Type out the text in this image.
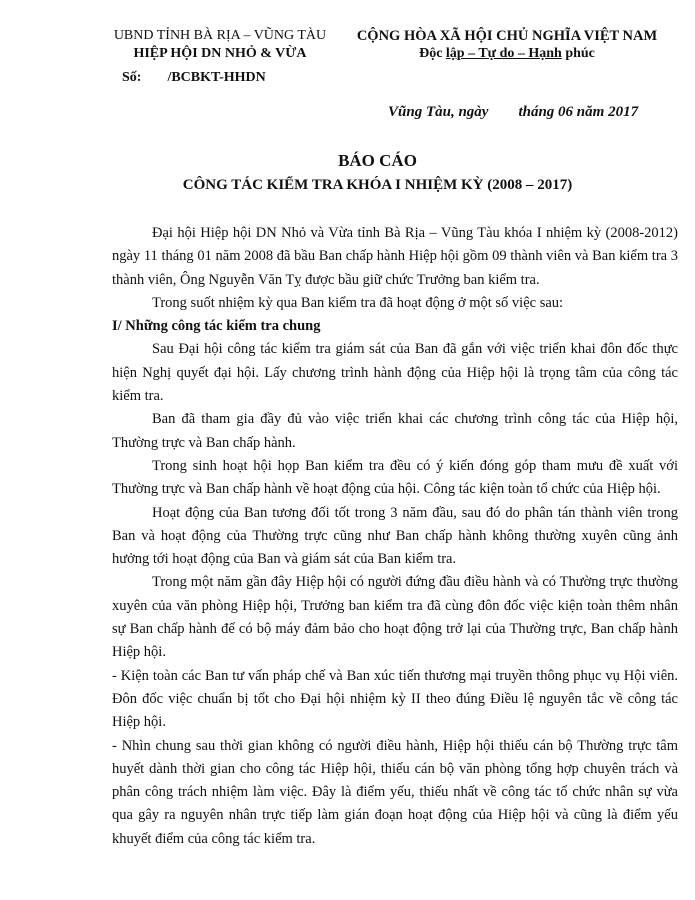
UBND TỈNH BÀ RỊA – VŨNG TÀU
HIỆP HỘI DN NHỎ & VỪA
CỘNG HÒA XÃ HỘI CHỦ NGHĨA VIỆT NAM
Độc lập – Tự do – Hạnh phúc
Số: /BCBKT-HHDN
Vũng Tàu, ngày tháng 06 năm 2017
BÁO CÁO
CÔNG TÁC KIỂM TRA KHÓA I NHIỆM KỲ (2008 – 2017)

Đại hội Hiệp hội DN Nhỏ và Vừa tỉnh Bà Rịa – Vũng Tàu khóa I nhiệm kỳ (2008-2012) ngày 11 tháng 01 năm 2008 đã bầu Ban chấp hành Hiệp hội gồm 09 thành viên và Ban kiểm tra 3 thành viên, Ông Nguyễn Văn Tỵ được bầu giữ chức Trưởng ban kiểm tra.

Trong suốt nhiệm kỳ qua Ban kiểm tra đã hoạt động ở một số việc sau:

I/ Những công tác kiểm tra chung

Sau Đại hội công tác kiểm tra giám sát của Ban đã gắn với việc triển khai đôn đốc thực hiện Nghị quyết đại hội. Lấy chương trình hành động của Hiệp hội là trọng tâm của công tác kiểm tra.

Ban đã tham gia đầy đủ vào việc triển khai các chương trình công tác của Hiệp hội, Thường trực và Ban chấp hành.

Trong sinh hoạt hội họp Ban kiểm tra đều có ý kiến đóng góp tham mưu đề xuất với Thường trực và Ban chấp hành về hoạt động của hội. Công tác kiện toàn tổ chức của Hiệp hội.

Hoạt động của Ban tương đối tốt trong 3 năm đầu, sau đó do phân tán thành viên trong Ban và hoạt động của Thường trực cũng như Ban chấp hành không thường xuyên cũng ảnh hưởng tới hoạt động của Ban và giám sát của Ban kiểm tra.

Trong một năm gần đây Hiệp hội có người đứng đầu điều hành và có Thường trực thường xuyên của văn phòng Hiệp hội, Trưởng ban kiểm tra đã cùng đôn đốc việc kiện toàn thêm nhân sự Ban chấp hành để có bộ máy đảm bảo cho hoạt động trở lại của Thường trực, Ban chấp hành Hiệp hội.

- Kiện toàn các Ban tư vấn pháp chế và Ban xúc tiến thương mại truyền thông phục vụ Hội viên. Đôn đốc việc chuẩn bị tốt cho Đại hội nhiệm kỳ II theo đúng Điều lệ nguyên tắc về công tác Hiệp hội.

- Nhìn chung sau thời gian không có người điều hành, Hiệp hội thiếu cán bộ Thường trực tâm huyết dành thời gian cho công tác Hiệp hội, thiếu cán bộ văn phòng tổng hợp chuyên trách và phân công trách nhiệm làm việc. Đây là điểm yếu, thiếu nhất về công tác tổ chức nhân sự vừa qua gây ra nguyên nhân trực tiếp làm gián đoạn hoạt động của Hiệp hội và cũng là điểm yếu khuyết điểm của công tác kiểm tra.
